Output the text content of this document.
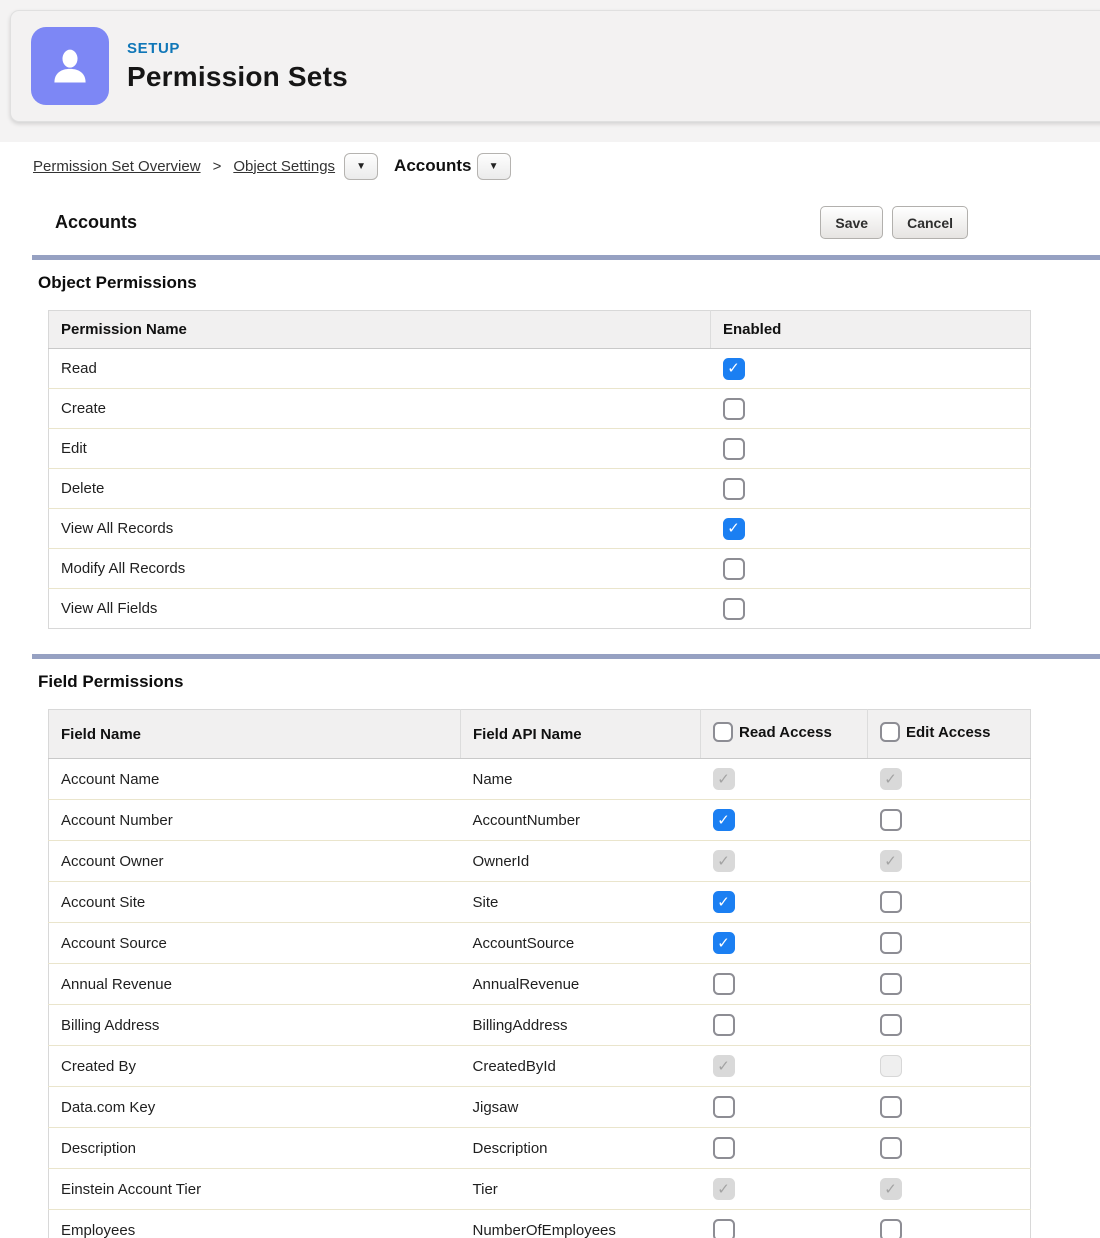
SETUP
Permission Sets
Permission Set Overview > Object Settings ▼ Accounts ▼
Accounts	Save	Cancel
Object Permissions
Permission Name	Enabled
Read	✓
Create	
Edit	
Delete	
View All Records	✓
Modify All Records	
View All Fields	
Field Permissions
Field Name	Field API Name	Read Access	Edit Access

Account Name	Name	✓	✓
Account Number	AccountNumber	✓	
Account Owner	OwnerId	✓	✓
Account Site	Site	✓	
Account Source	AccountSource	✓	
Annual Revenue	AnnualRevenue		
Billing Address	BillingAddress		
Created By	CreatedById	✓	
Data.com Key	Jigsaw		
Description	Description		
Einstein Account Tier	Tier	✓	✓
Employees	NumberOfEmployees		
